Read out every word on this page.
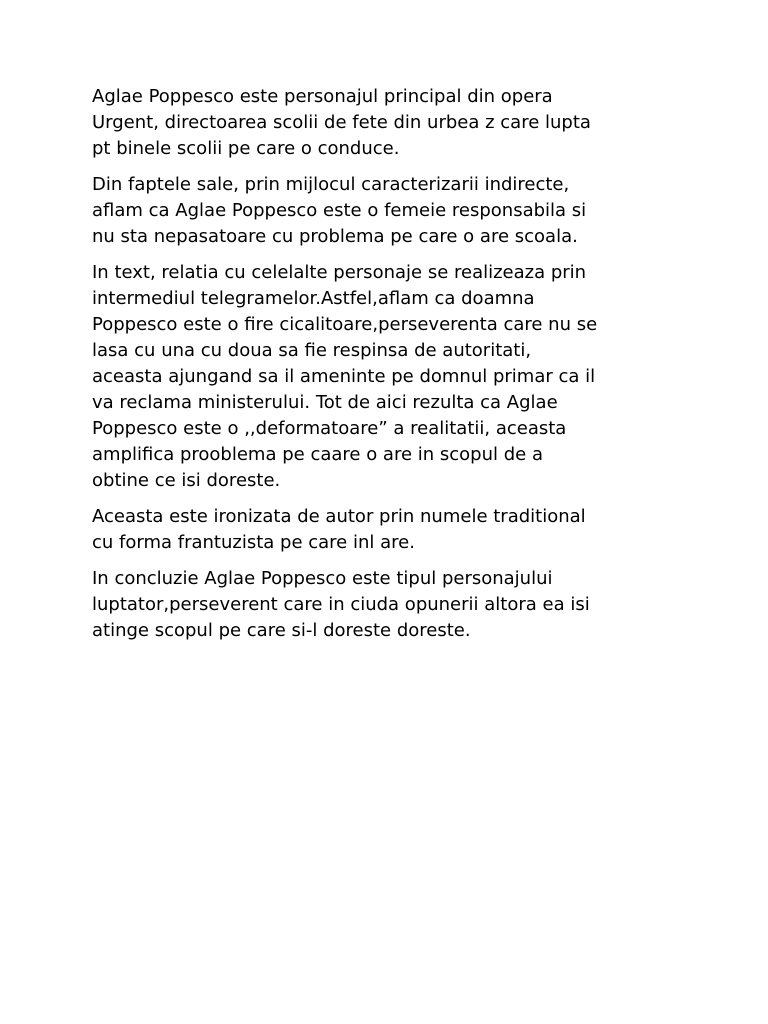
Aglae Poppesco este personajul principal din opera
Urgent, directoarea scolii de fete din urbea z care lupta
pt binele scolii pe care o conduce.

Din faptele sale, prin mijlocul caracterizarii indirecte,
aflam ca Aglae Poppesco este o femeie responsabila si
nu sta nepasatoare cu problema pe care o are scoala.

In text, relatia cu celelalte personaje se realizeaza prin
intermediul telegramelor.Astfel,aflam ca doamna
Poppesco este o fire cicalitoare,perseverenta care nu se
lasa cu una cu doua sa fie respinsa de autoritati,
aceasta ajungand sa il ameninte pe domnul primar ca il
va reclama ministerului. Tot de aici rezulta ca Aglae
Poppesco este o ,,deformatoare” a realitatii, aceasta
amplifica prooblema pe caare o are in scopul de a
obtine ce isi doreste.

Aceasta este ironizata de autor prin numele traditional
cu forma frantuzista pe care inl are.

In concluzie Aglae Poppesco este tipul personajului
luptator,perseverent care in ciuda opunerii altora ea isi
atinge scopul pe care si-l doreste doreste.
